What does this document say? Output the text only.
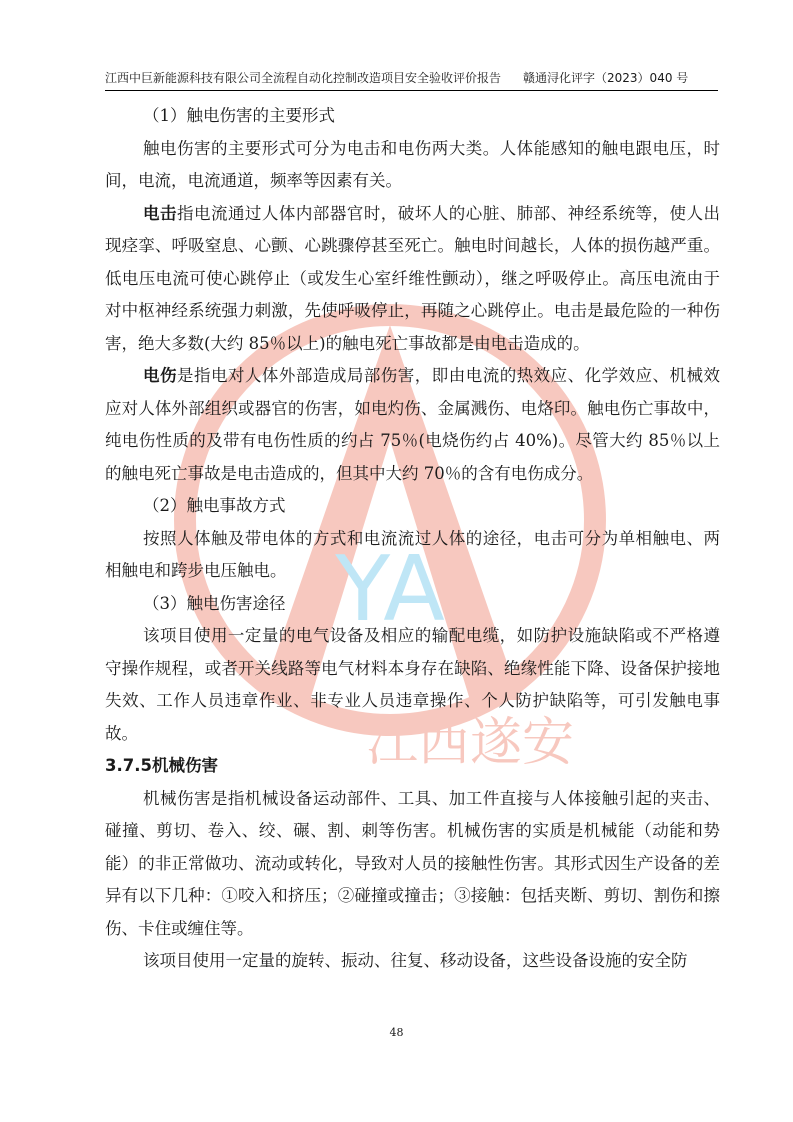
江西中巨新能源科技有限公司全流程自动化控制改造项目安全验收评价报告 赣通浔化评字（2023）040 号
YA
江西遂安

（1）触电伤害的主要形式

触电伤害的主要形式可分为电击和电伤两大类。人体能感知的触电跟电压，时间，电流，电流通道，频率等因素有关。

电击指电流通过人体内部器官时，破坏人的心脏、肺部、神经系统等，使人出现痉挛、呼吸窒息、心颤、心跳骤停甚至死亡。触电时间越长，人体的损伤越严重。低电压电流可使心跳停止（或发生心室纤维性颤动），继之呼吸停止。高压电流由于对中枢神经系统强力刺激，先使呼吸停止，再随之心跳停止。电击是最危险的一种伤害，绝大多数(大约 85％以上)的触电死亡事故都是由电击造成的。

电伤是指电对人体外部造成局部伤害，即由电流的热效应、化学效应、机械效应对人体外部组织或器官的伤害，如电灼伤、金属溅伤、电烙印。触电伤亡事故中，纯电伤性质的及带有电伤性质的约占 75％(电烧伤约占 40%)。尽管大约 85％以上的触电死亡事故是电击造成的，但其中大约 70％的含有电伤成分。

（2）触电事故方式

按照人体触及带电体的方式和电流流过人体的途径，电击可分为单相触电、两相触电和跨步电压触电。

（3）触电伤害途径

该项目使用一定量的电气设备及相应的输配电缆，如防护设施缺陷或不严格遵守操作规程，或者开关线路等电气材料本身存在缺陷、绝缘性能下降、设备保护接地失效、工作人员违章作业、非专业人员违章操作、个人防护缺陷等，可引发触电事故。

3.7.5机械伤害

机械伤害是指机械设备运动部件、工具、加工件直接与人体接触引起的夹击、碰撞、剪切、卷入、绞、碾、割、刺等伤害。机械伤害的实质是机械能（动能和势能）的非正常做功、流动或转化，导致对人员的接触性伤害。其形式因生产设备的差异有以下几种：①咬入和挤压；②碰撞或撞击；③接触：包括夹断、剪切、割伤和擦伤、卡住或缠住等。

该项目使用一定量的旋转、振动、往复、移动设备，这些设备设施的安全防

48
